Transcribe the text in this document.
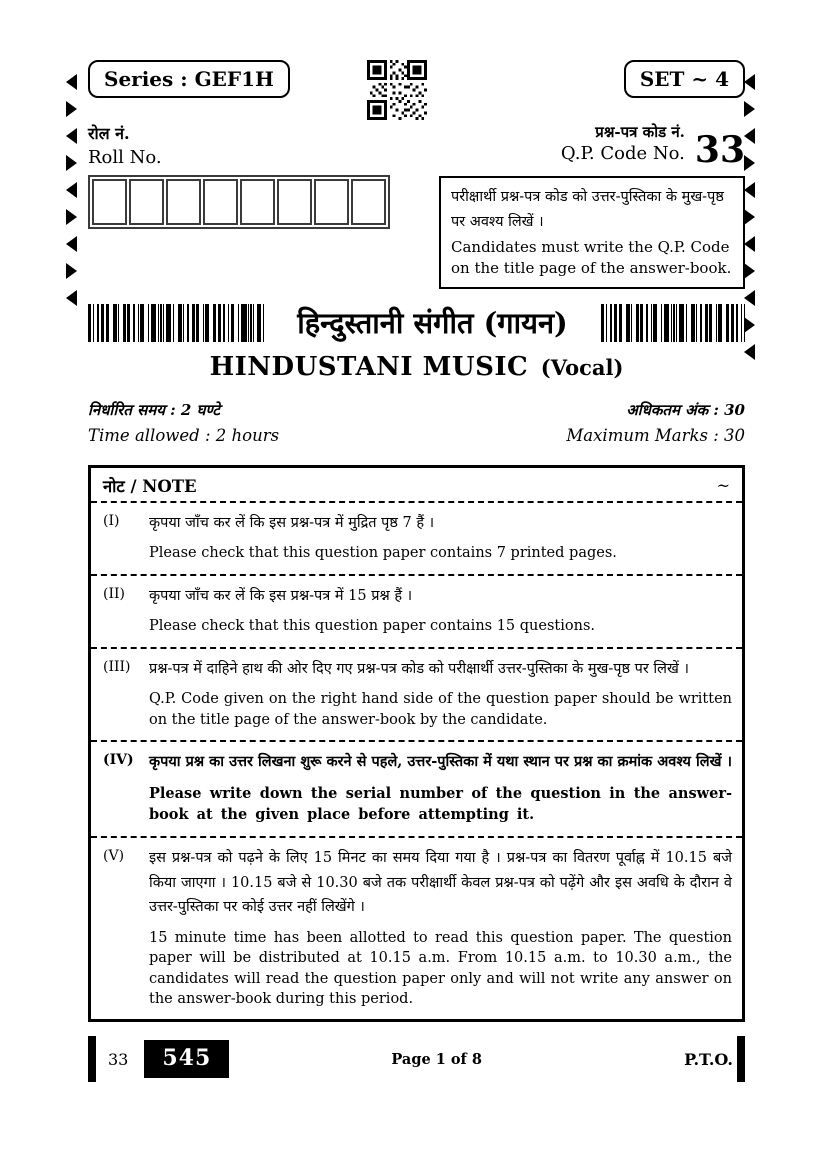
Series : GEF1H	SET ~ 4
रोल नं.
Roll No.
प्रश्न-पत्र कोड नं.
Q.P. Code No. 33
परीक्षार्थी प्रश्न-पत्र कोड को उत्तर-पुस्तिका के मुख-पृष्ठ पर अवश्य लिखें ।
Candidates must write the Q.P. Code on the title page of the answer-book.
हिन्दुस्तानी संगीत (गायन)
HINDUSTANI MUSIC (Vocal)
निर्धारित समय : 2 घण्टे
Time allowed : 2 hours
अधिकतम अंक : 30
Maximum Marks : 30
नोट / NOTE	~
(I)	कृपया जाँच कर लें कि इस प्रश्न-पत्र में मुद्रित पृष्ठ 7 हैं ।

Please check that this question paper contains 7 printed pages.

(II)	कृपया जाँच कर लें कि इस प्रश्न-पत्र में 15 प्रश्न हैं ।

Please check that this question paper contains 15 questions.

(III)	प्रश्न-पत्र में दाहिने हाथ की ओर दिए गए प्रश्न-पत्र कोड को परीक्षार्थी उत्तर-पुस्तिका के मुख-पृष्ठ पर लिखें ।

Q.P. Code given on the right hand side of the question paper should be written on the title page of the answer-book by the candidate.

(IV)	कृपया प्रश्न का उत्तर लिखना शुरू करने से पहले, उत्तर-पुस्तिका में यथा स्थान पर प्रश्न का क्रमांक अवश्य लिखें ।

Please write down the serial number of the question in the answer-book at the given place before attempting it.

(V)	इस प्रश्न-पत्र को पढ़ने के लिए 15 मिनट का समय दिया गया है । प्रश्न-पत्र का वितरण पूर्वाह्न में 10.15 बजे किया जाएगा । 10.15 बजे से 10.30 बजे तक परीक्षार्थी केवल प्रश्न-पत्र को पढ़ेंगे और इस अवधि के दौरान वे उत्तर-पुस्तिका पर कोई उत्तर नहीं लिखेंगे ।

15 minute time has been allotted to read this question paper. The question paper will be distributed at 10.15 a.m. From 10.15 a.m. to 10.30 a.m., the candidates will read the question paper only and will not write any answer on the answer-book during this period.

33	545	Page 1 of 8	P.T.O.
